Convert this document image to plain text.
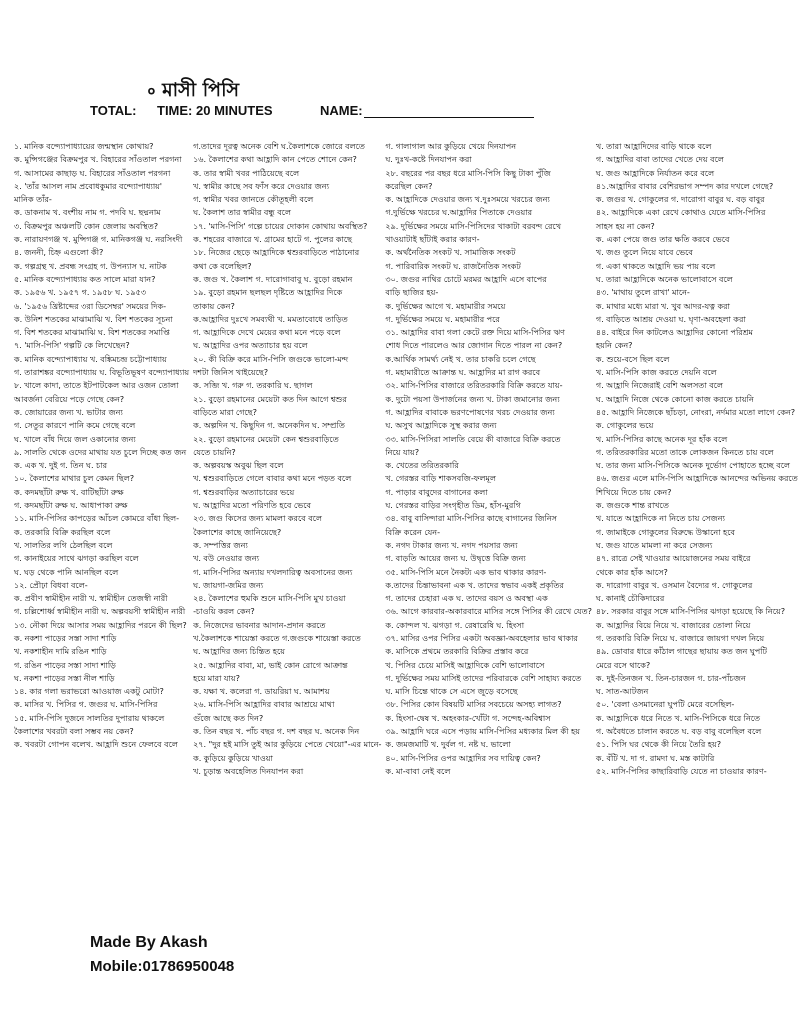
৹ মাসী পিসি
TOTAL: TIME: 20 MINUTES	NAME:
১. মানিক বন্দ্যোপাধ্যায়ের জন্মস্থান কোথায়?
ক. মুন্সিগঞ্জের বিক্রমপুর খ. বিহারের সাঁওতাল পরগনা
গ. আসামের কাছাড় ঘ. বিহারের সাঁওতাল পরগনা
২. 'তাঁর আসল নাম প্রবোধকুমার বন্দ্যোপাধ্যায়'
মানিক তাঁর-
ক. ডাকনাম খ. বংশীয় নাম গ. পদবি ঘ. ছদ্মনাম
৩. বিক্রমপুর অঞ্চলটি কোন জেলায় অবস্থিত?
ক. নারায়ণগঞ্জ খ. মুন্সিগঞ্জ গ. মানিকগঞ্জ ঘ. নরসিংদী
৪. জননী, চিহ্ন এগুলো কী?
ক. গল্পগ্রন্থ খ. প্রবন্ধ সংগ্রহ গ. উপন্যাস ঘ. নাটক
৫. মানিক বন্দ্যোপাধ্যায় কত সালে মারা যান?
ক. ১৯৫৬ খ. ১৯৫৭ গ. ১৯৫৮ ঘ. ১৯৫৩
৬. '১৯৫৬ খ্রিষ্টাব্দের ৩রা ডিসেম্বর' সময়ের দিক-
ক. উনিশ শতকের মাঝামাঝি খ. বিশ শতকের সূচনা
গ. বিশ শতকের মাঝামাঝি ঘ. বিশ শতকের সমাপ্তি
৭. 'মাসি-পিসি' গল্পটি কে লিখেছেন?
ক. মানিক বন্দ্যোপাধ্যায় খ. বঙ্কিমচন্দ্র চট্টোপাধ্যায়
গ. তারাশঙ্কর বন্দ্যোপাধ্যায় ঘ. বিভূতিভূষণ বন্দ্যোপাধ্যায়
৮. খালে কাদা, তাতে ইটপাটকেল আর ওজন তোলা
আবর্জনা বেরিয়ে পড়ে গেছে কেন?
ক. জোয়ারের জন্য খ. ভাটার জন্য
গ. সেতুর কারণে পানি কমে গেছে বলে
ঘ. খালে বাঁধ দিয়ে জল ওকানোর জন্য
৯. সালতি থেকে ওদের মাথায় যত চুলে দিচ্ছে কত জন
ক. এক খ. দুই গ. তিন ঘ. চার
১০. কৈলাশের মাথার চুল কেমন ছিল?
ক. কদমছাঁটা রুক্ষ খ. বাটিছাঁটা রুক্ষ
গ. কদমছাঁটা রুক্ষ ঘ. আধাপাকা রুক্ষ
১১. মাসি-পিসির কাপড়ের আঁচল কোমরে বাঁধা ছিল-
ক. তরকারি বিক্রি করছিল বলে
খ. সালতির লগি ঠেলছিল বলে
গ. কানাইয়ের সাথে ঝগড়া করছিল বলে
ঘ. ঘড় থেকে পানি আনছিল বলে
১২. প্রৌঢ়া বিধবা বলে-
ক. প্রবীণ স্বামীহীন নারী খ. স্বামীহীন তেজস্বী নারী
গ. চল্লিশোর্ধ্ব স্বামীহীন নারী ঘ. অল্পবয়সী স্বামীহীন নারী
১৩. নৌকা দিয়ে আসার সময় আহ্লাদির পরনে কী ছিল?
ক. নকশা পাড়ের সস্তা সাদা শাড়ি
খ. নকশাহীন দামি রঙিন শাড়ি
গ. রঙিন পাড়ের সস্তা সাদা শাড়ি
ঘ. নকশা পাড়ের সস্তা নীল শাড়ি
১৪. কার গলা ভরাভরো আওয়াজ একটু মোটা?
ক. মাসির খ. পিসির গ. জগুর ঘ. মাসি-পিসির
১৫. মাসি-পিসি দুজনে সালতির দুপারায় থাকলে
কৈলাশের খবরটা বলা সম্ভব নয় কেন?
ক. খবরটা গোপন বলেখ. আহ্লাদি শুনে ফেলবে বলে
গ.তাদের দূরত্ব অনেক বেশি ঘ.কৈলাশকে জোরে বলতে
১৬. কৈলাশের কথা আহ্লাদি কান পেতে শোনে কেন?
ক. তার স্বামী খবর পাঠিয়েছে বলে
খ. স্বামীর কাছে সব ফাঁস করে দেওয়ার জন্য
গ. স্বামীর খবর জানতে কৌতূহলী বলে
ঘ. কৈলাশ তার স্বামীর বন্ধু বলে
১৭. 'মাসি-পিসি' গল্পে চায়ের দোকান কোথায় অবস্থিত?
ক. শহরের বাজারে খ. গ্রামের হাটে গ. পুলের কাছে
১৮. নিজের ছেড়ে আহ্লাদিকে শ্বশুরবাড়িতে পাঠানোর
কথা কে বলেছিল?
ক. জগু খ. কৈলাশ গ. দারোগাবাবু ঘ. বুড়ো রহমান
১৯. বুড়ো রহমান ছলছল দৃষ্টিতে আহ্লাদির দিকে
তাকায় কেন?
ক.আহ্লাদির দুঃখে সমব্যথী খ. মমতাবোধে তাড়িত
গ. আহ্লাদিকে দেখে মেয়ের কথা মনে পড়ে বলে
ঘ. আহ্লাদির ওপর অত্যাচার হয় বলে
২০. কী বিক্রি করে মাসি-পিসি জগুকে ভালো-মন্দ
দশটা জিনিস খাইয়েছে?
ক. সব্জি খ. গরু গ. তরকারি ঘ. ছাগল
২১. বুড়ো রহমানের মেয়েটা কত দিন আগে শ্বশুর
বাড়িতে মারা গেছে?
ক. অল্পদিন খ. কিছুদিন গ. অনেকদিন ঘ. সম্প্রতি
২২. বুড়ো রহমানের মেয়েটা কেন শ্বশুরবাড়িতে
যেতে চায়নি?
ক. অল্পবয়স্ক অবুঝ ছিল বলে
খ. শ্বশুরবাড়িতে গেলে বাবার কথা মনে পড়ত বলে
গ. শ্বশুরবাড়ির অত্যাচারের ভয়ে
ঘ. আহ্লাদির মতো পরিণতি হবে ভেবে
২৩. জগু কিসের জন্য মামলা করবে বলে
কৈলাশের কাছে জানিয়েছে?
ক. সম্পত্তির জন্য
খ. বউ নেওয়ার জন্য
গ. মাসি-পিসির অন্যায় দখলদারিত্ব অবসানের জন্য
ঘ. জায়গা-জমির জন্য
২৪. কৈলাশের হুমকি শুনে মাসি-পিসি মুখ চাওয়া
-চাওয়ি করল কেন?
ক. নিজেদের ভাবনার আদান-প্রদান করতে
খ.কৈলাশকে শায়েস্তা করতে গ.জগুকে শায়েস্তা করতে
ঘ. আহ্লাদির জন্য চিন্তিত হয়ে
২৫. আহ্লাদির বাবা, মা, ভাই কোন রোগে আক্রান্ত
হয়ে মারা যায়?
ক. যক্ষা খ. কলেরা গ. ডায়রিয়া ঘ. আমাশয়
২৬. মাসি-পিসি আহ্লাদির বাবার আশ্রয়ে মাথা
গুঁজে আছে কত দিন?
ক. তিন বছর খ. পাঁচ বছর গ. দশ বছর ঘ. অনেক দিন
২৭. "দুর হই মাসি তুই আর কুড়িয়ে পেতে খেয়ো"-এর মানে-
ক. কুড়িয়ে কুড়িয়ে খাওয়া
খ. চুড়ান্ত অবহেলিত দিনযাপন করা
গ. গালাগাল আর কুড়িয়ে খেয়ে দিনযাপন
ঘ. দুঃখ-কষ্টে দিনযাপন করা
২৮. বছরের পর বছর ধরে মাসি-পিসি কিছু টাকা পুঁজি
করেছিল কেন?
ক. আহ্লাদিকে দেওয়ার জন্য খ.দুঃসময়ে খরচের জন্য
গ.দুর্ভিক্ষে খরচের ঘ.আহ্লাদির পিতাকে দেওয়ার
২৯. দুর্ভিক্ষের সময়ে মাসি-পিসিদের খাকাটা বরবন্দ রেখে
খাওয়াটাই ছাঁটাই করার কারণ-
ক. অর্থনৈতিক সংকট খ. সামাজিক সংকট
গ. পারিবারিক সংকট ঘ. রাজনৈতিক সংকট
৩০. জগুর নাথির চোটে মরমর আহ্লাদি এসে বাপের
বাড়ি ছাজির হয়-
ক. দুর্ভিক্ষের আগে খ. মহামারীর সময়ে
গ. দুর্ভিক্ষের সময়ে ঘ. মহামারীর পরে
৩১. আহ্লাদির বাবা গলা কেটে রক্ত দিয়ে মাসি-পিসির ঋণ
শোধ দিতে পারলেও আর জোগান দিতে পারল না কেন?
ক.আর্থিক সামর্থ্য নেই খ. তার চাকরি চলে গেছে
গ. মহামারীতে আক্রান্ত ঘ. আহ্লাদির মা রাগ করবে
৩২. মাসি-পিসির বাজারে তরিতরকারি বিক্রি করতে যায়-
ক. দুটো পয়সা উপার্জনের জন্য খ. টাকা জমানোর জন্য
গ. আহ্লাদির বাবাকে ভরণপোষণের খরচ দেওয়ার জন্য
ঘ. অসুখ আহ্লাদিকে সুস্থ করার জন্য
৩৩. মাসি-পিসিরা সালতি বেয়ে কী বাজারে বিক্রি করতে
নিয়ে যায়?
ক. খেতের তরিতরকারি
খ. গেরস্তর বাড়ি শাকসবজি-ফলমূল
গ. পাড়ার বাবুদের বাগানের কলা
ঘ. গেরস্তর বাড়ির সংগৃহীত ডিম, হাঁস-মুরগি
৩৪. বাবু বাসিন্দারা মাসি-পিসির কাছে বাগানের জিনিস
বিক্রি করেন যেন-
ক. নগদ টাকার জন্য খ. নগদ পয়সার জন্য
গ. বাড়তি আয়ের জন্য ঘ. উদ্বৃত্তে বিক্রি জন্য
৩৫. মাসি-পিসি মনে নৈকট্য এক ভাব থাকার কারণ-
ক.তাদের চিন্তাভাবনা এক খ. তাদের স্বভাব একই প্রকৃতির
গ. তাদের চেহারা এক ঘ. তাদের বয়স ও অবস্থা এক
৩৬. আগে কারবার-অকারবারে মাসির সঙ্গে পিসির কী রেখে যেত?
ক. কোন্দল খ. ঝগড়া গ. রেষারেষি ঘ. হিংসা
৩৭. মাসির ওপর পিসির একটা অবজ্ঞা-অবহেলার ভাব থাকার
ক. মাসিকে প্রথমে তরকারি বিক্রির প্রস্তাব করে
খ. পিসির চেয়ে মাসিই আহ্লাদিকে বেশি ভালোবাসে
গ. দুর্ভিক্ষের সময় মাসিই তাদের পরিবারকে বেশি সাহায্য করতে
ঘ. মাসি চিন্তে থাকে সে এসে জুড়ে বসেছে
৩৮. পিসির কোন বিষয়টি মাসির সবচেয়ে অসহ্য লাগত?
ক. হিংসা-দ্বেষ খ. অহংকার-খোঁটা গ. সন্দেহ-অবিশ্বাস
৩৯. আহ্লাদি ঘরে এসে পড়ায় মাসি-পিসির মধ্যকার মিল কী হয়
ক. জমজমাটি খ. দুর্বল গ. নষ্ট ঘ. ভালো
৪০. মাসি-পিসির ওপর আহ্লাদির সব দায়িত্ব কেন?
ক. মা-বাবা নেই বলে
খ. তারা আহ্লাদিদের বাড়ি থাকে বলে
গ. আহ্লাদির বাবা তাদের খেতে দেয় বলে
ঘ. জগু আহ্লাদিকে নির্যাতন করে বলে
৪১.আহ্লাদির বাবার বেশিরভাগ সম্পদ কার দখলে গেছে?
ক. জগুর খ. গোকুলের গ. দারোগা বাবুর ঘ. বড় বাবুর
৪২. আহ্লাদিকে একা রেখে কোথাও যেতে মাসি-পিসির
সাহস হয় না কেন?
ক. একা পেয়ে জগু তার ক্ষতি করবে ভেবে
খ. জগু তুলে নিয়ে যাবে ভেবে
গ. একা থাকতে আহ্লাদি ভয় পায় বলে
ঘ. তারা আহ্লাদিকে অনেক ভালোবাসে বলে
৪৩. 'মাথায় তুলে রাখা' মানে-
ক. মাথার মধ্যে মারা খ. খুব আদর-যত্ন করা
গ. বাড়িতে আশ্রয় দেওয়া ঘ. ঘৃণা-অবহেলা করা
৪৪. বাইরে দিন কাটলেও আহ্লাদির কোনো পরিশ্রম
হয়নি কেন?
ক. শুয়ে-বসে ছিল বলে
খ. মাসি-পিসি কাজ করতে দেয়নি বলে
গ. আহ্লাদি নিজেরাই বেশি অলসতা বলে
ঘ. আহ্লাদি নিজে থেকে কোনো কাজ করতে চায়নি
৪৫. আহ্লাদি নিজেকে ছাঁচড়া, নোংরা, নর্দমার মতো লাগে কেন?
ক. গোকুলের ভয়ে
খ. মাসি-পিসির কাছে অনেক দূর হাঁক বলে
গ. তরিতরকারির মতো তাকে লোকজন কিনতে চায় বলে
ঘ. তার জন্য মাসি-পিসিকে অনেক দুর্ভোগ পোহাতে হচ্ছে বলে
৪৬. জগুর এলে মাসি-পিসি আহ্লাদিকে আনন্দের অভিনয় করতে
শিখিয়ে দিতে চায় কেন?
ক. জগুকে শান্ত রাখতে
খ. যাতে আহ্লাদিকে না নিতে চায় সেজন্য
গ. জামাইকে গোকুলের বিরুদ্ধে উস্কানো হবে
ঘ. জগু যাতে মামলা না করে সেজন্য
৪৭. রাত্রে সেই খাওয়ার আয়োজনের সময় বাইরে
থেকে কার হাঁক আসে?
ক. দারোগা বাবুর খ. ওসমান বৈদ্যের গ. গোকুলের
ঘ. কানাই চৌকিদারের
৪৮. সরকার বাবুর সঙ্গে মাসি-পিসির ঝগড়া হয়েছে কি নিয়ে?
ক. আহ্লাদির বিয়ে নিয়ে খ. বাজারের তোলা নিয়ে
গ. তরকারি বিক্রি নিয়ে ঘ. বাজারে জায়গা দখল নিয়ে
৪৯. ডোবার ধারে কাঁঠাল গাছের ছায়ায় কত জন ঘুপটি
মেরে বসে থাকে?
ক. দুই-তিনজন খ. তিন-চারজন গ. চার-পাঁচজন
ঘ. সাত-আটজন
৫০. 'বেলা ওসমানেরা ঘুপটি মেরে বসেছিল-
ক. আহ্লাদিকে ধরে নিতে খ. মাসি-পিসিকে ধরে নিতে
গ. অবৈধতে চালান করতে ঘ. বড় বাবু বলেছিল বলে
৫১. পিসি ঘর থেকে কী নিয়ে তৈরি হয়?
ক. বঁটি খ. দা গ. রামদা ঘ. মস্ত কাটারি
৫২. মাসি-পিসির কাছারিবাড়ি যেতে না চাওয়ার কারণ-
Made By Akash
Mobile:01786950048
